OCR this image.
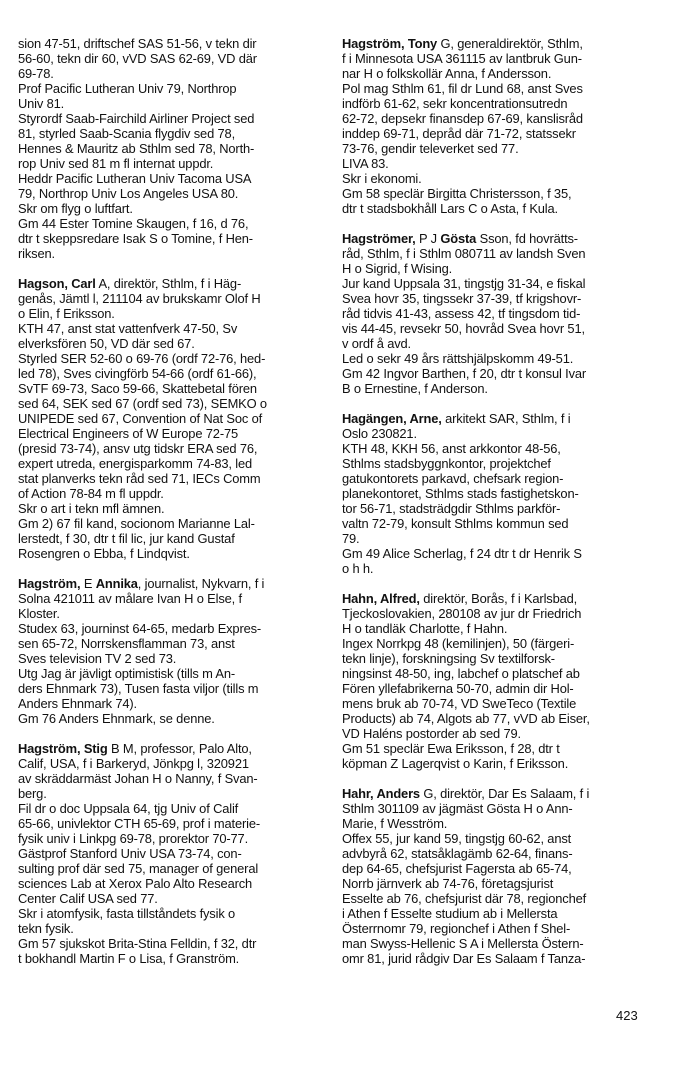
sion 47-51, driftschef SAS 51-56, v tekn dir
56-60, tekn dir 60, vVD SAS 62-69, VD där
69-78.
Prof Pacific Lutheran Univ 79, Northrop
Univ 81.
Styrordf Saab-Fairchild Airliner Project sed
81, styrled Saab-Scania flygdiv sed 78,
Hennes & Mauritz ab Sthlm sed 78, North-
rop Univ sed 81 m fl internat uppdr.
Heddr Pacific Lutheran Univ Tacoma USA
79, Northrop Univ Los Angeles USA 80.
Skr om flyg o luftfart.
Gm 44 Ester Tomine Skaugen, f 16, d 76,
dtr t skeppsredare Isak S o Tomine, f Hen-
riksen.
Hagson, Carl A, direktör, Sthlm, f i Häg-
genås, Jämtl l, 211104 av brukskamr Olof H
o Elin, f Eriksson.
KTH 47, anst stat vattenfverk 47-50, Sv
elverksfören 50, VD där sed 67.
Styrled SER 52-60 o 69-76 (ordf 72-76, hed-
led 78), Sves civingförb 54-66 (ordf 61-66),
SvTF 69-73, Saco 59-66, Skattebetal fören
sed 64, SEK sed 67 (ordf sed 73), SEMKO o
UNIPEDE sed 67, Convention of Nat Soc of
Electrical Engineers of W Europe 72-75
(presid 73-74), ansv utg tidskr ERA sed 76,
expert utreda, energisparkomm 74-83, led
stat planverks tekn råd sed 71, IECs Comm
of Action 78-84 m fl uppdr.
Skr o art i tekn mfl ämnen.
Gm 2) 67 fil kand, socionom Marianne Lal-
lerstedt, f 30, dtr t fil lic, jur kand Gustaf
Rosengren o Ebba, f Lindqvist.
Hagström, E Annika, journalist, Nykvarn, f i
Solna 421011 av målare Ivan H o Else, f
Kloster.
Studex 63, journinst 64-65, medarb Expres-
sen 65-72, Norrskensflamman 73, anst
Sves television TV 2 sed 73.
Utg Jag är jävligt optimistisk (tills m An-
ders Ehnmark 73), Tusen fasta viljor (tills m
Anders Ehnmark 74).
Gm 76 Anders Ehnmark, se denne.
Hagström, Stig B M, professor, Palo Alto,
Calif, USA, f i Barkeryd, Jönkpg l, 320921
av skräddarmäst Johan H o Nanny, f Svan-
berg.
Fil dr o doc Uppsala 64, tjg Univ of Calif
65-66, univlektor CTH 65-69, prof i materie-
fysik univ i Linkpg 69-78, prorektor 70-77.
Gästprof Stanford Univ USA 73-74, con-
sulting prof där sed 75, manager of general
sciences Lab at Xerox Palo Alto Research
Center Calif USA sed 77.
Skr i atomfysik, fasta tillståndets fysik o
tekn fysik.
Gm 57 sjukskot Brita-Stina Felldin, f 32, dtr
t bokhandl Martin F o Lisa, f Granström.
Hagström, Tony G, generaldirektör, Sthlm,
f i Minnesota USA 361115 av lantbruk Gun-
nar H o folkskollär Anna, f Andersson.
Pol mag Sthlm 61, fil dr Lund 68, anst Sves
indförb 61-62, sekr koncentrationsutredn
62-72, depsekr finansdep 67-69, kanslisråd
inddep 69-71, depråd där 71-72, statssekr
73-76, gendir televerket sed 77.
LIVA 83.
Skr i ekonomi.
Gm 58 speclär Birgitta Christersson, f 35,
dtr t stadsbokhåll Lars C o Asta, f Kula.
Hagströmer, P J Gösta Sson, fd hovrätts-
råd, Sthlm, f i Sthlm 080711 av landsh Sven
H o Sigrid, f Wising.
Jur kand Uppsala 31, tingstjg 31-34, e fiskal
Svea hovr 35, tingssekr 37-39, tf krigshovr-
råd tidvis 41-43, assess 42, tf tingsdom tid-
vis 44-45, revsekr 50, hovråd Svea hovr 51,
v ordf å avd.
Led o sekr 49 års rättshjälpskomm 49-51.
Gm 42 Ingvor Barthen, f 20, dtr t konsul Ivar
B o Ernestine, f Anderson.
Hagängen, Arne, arkitekt SAR, Sthlm, f i
Oslo 230821.
KTH 48, KKH 56, anst arkkontor 48-56,
Sthlms stadsbyggnkontor, projektchef
gatukontorets parkavd, chefsark region-
planekontoret, Sthlms stads fastighetskon-
tor 56-71, stadsträdgdir Sthlms parkför-
valtn 72-79, konsult Sthlms kommun sed
79.
Gm 49 Alice Scherlag, f 24 dtr t dr Henrik S
o h h.
Hahn, Alfred, direktör, Borås, f i Karlsbad,
Tjeckoslovakien, 280108 av jur dr Friedrich
H o tandläk Charlotte, f Hahn.
Ingex Norrkpg 48 (kemilinjen), 50 (färgeri-
tekn linje), forskningsing Sv textilforsk-
ningsinst 48-50, ing, labchef o platschef ab
Fören yllefabrikerna 50-70, admin dir Hol-
mens bruk ab 70-74, VD SweTeco (Textile
Products) ab 74, Algots ab 77, vVD ab Eiser,
VD Haléns postorder ab sed 79.
Gm 51 speclär Ewa Eriksson, f 28, dtr t
köpman Z Lagerqvist o Karin, f Eriksson.
Hahr, Anders G, direktör, Dar Es Salaam, f i
Sthlm 301109 av jägmäst Gösta H o Ann-
Marie, f Wesström.
Offex 55, jur kand 59, tingstjg 60-62, anst
advbyrå 62, statsåklagämb 62-64, finans-
dep 64-65, chefsjurist Fagersta ab 65-74,
Norrb järnverk ab 74-76, företagsjurist
Esselte ab 76, chefsjurist där 78, regionchef
i Athen f Esselte studium ab i Mellersta
Österrnomr 79, regionchef i Athen f Shel-
man Swyss-Hellenic S A i Mellersta Östern-
omr 81, jurid rådgiv Dar Es Salaam f Tanza-
423
